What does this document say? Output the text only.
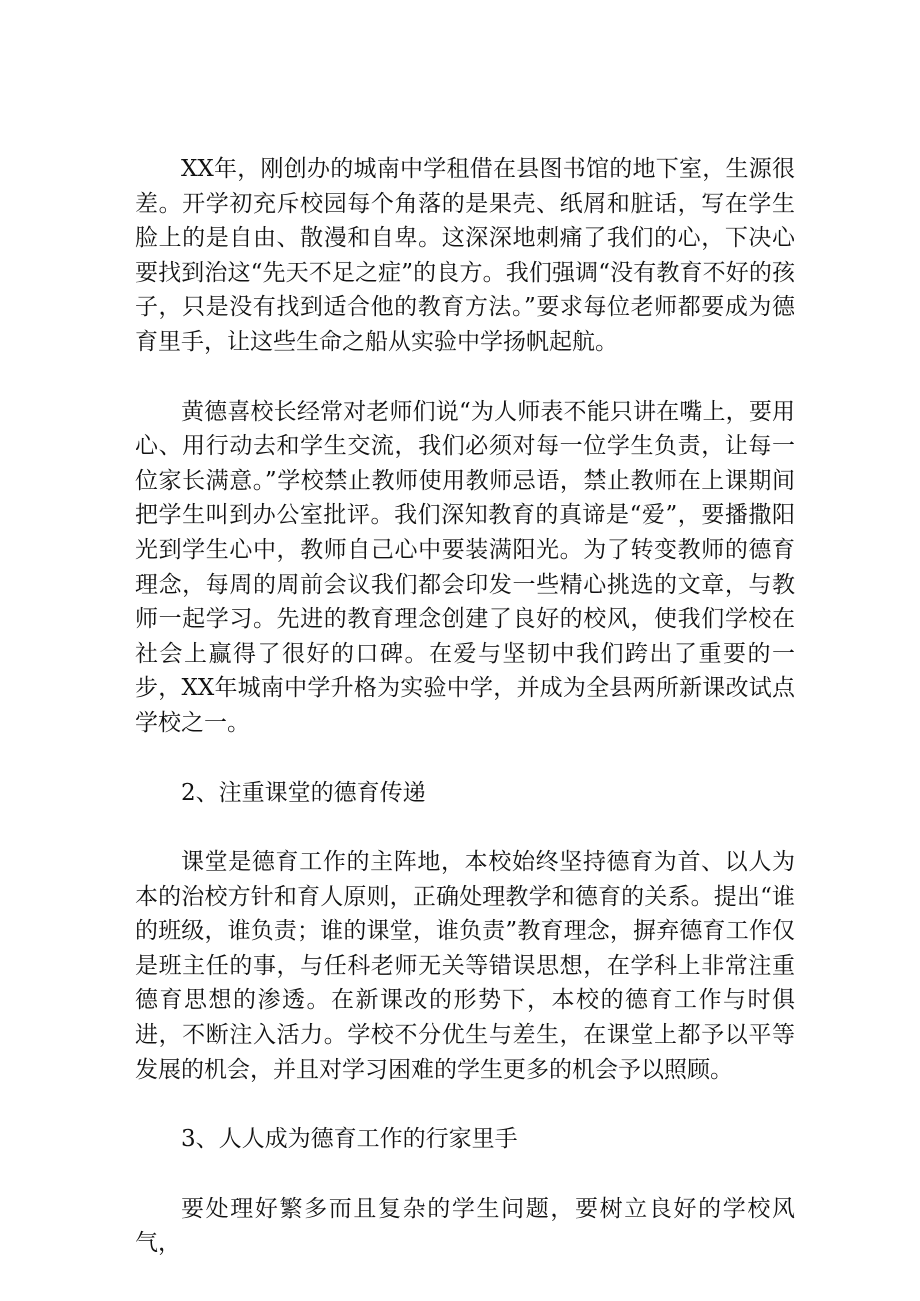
XX年，刚创办的城南中学租借在县图书馆的地下室，生源很差。开学初充斥校园每个角落的是果壳、纸屑和脏话，写在学生脸上的是自由、散漫和自卑。这深深地刺痛了我们的心，下决心要找到治这“先天不足之症”的良方。我们强调“没有教育不好的孩子，只是没有找到适合他的教育方法。”要求每位老师都要成为德育里手，让这些生命之船从实验中学扬帆起航。

黄德喜校长经常对老师们说“为人师表不能只讲在嘴上，要用心、用行动去和学生交流，我们必须对每一位学生负责，让每一位家长满意。”学校禁止教师使用教师忌语，禁止教师在上课期间把学生叫到办公室批评。我们深知教育的真谛是“爱”，要播撒阳光到学生心中，教师自己心中要装满阳光。为了转变教师的德育理念，每周的周前会议我们都会印发一些精心挑选的文章，与教师一起学习。先进的教育理念创建了良好的校风，使我们学校在社会上赢得了很好的口碑。在爱与坚韧中我们跨出了重要的一步，XX年城南中学升格为实验中学，并成为全县两所新课改试点学校之一。

2、注重课堂的德育传递

课堂是德育工作的主阵地，本校始终坚持德育为首、以人为本的治校方针和育人原则，正确处理教学和德育的关系。提出“谁的班级，谁负责；谁的课堂，谁负责”教育理念，摒弃德育工作仅是班主任的事，与任科老师无关等错误思想，在学科上非常注重德育思想的渗透。在新课改的形势下，本校的德育工作与时俱进，不断注入活力。学校不分优生与差生，在课堂上都予以平等发展的机会，并且对学习困难的学生更多的机会予以照顾。

3、人人成为德育工作的行家里手

要处理好繁多而且复杂的学生问题，要树立良好的学校风气，
